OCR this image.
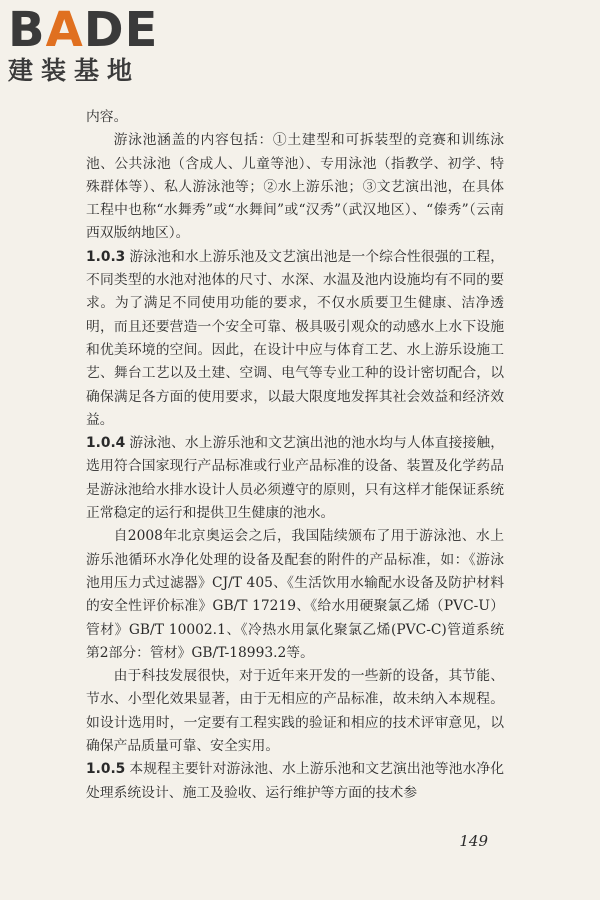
BADE
建装基地

内容。

游泳池涵盖的内容包括：①土建型和可拆装型的竞赛和训练泳池、公共泳池（含成人、儿童等池）、专用泳池（指教学、初学、特殊群体等）、私人游泳池等；②水上游乐池；③文艺演出池，在具体工程中也称“水舞秀”或“水舞间”或“汉秀”（武汉地区）、“傣秀”（云南西双版纳地区）。

1.0.3 游泳池和水上游乐池及文艺演出池是一个综合性很强的工程，不同类型的水池对池体的尺寸、水深、水温及池内设施均有不同的要求。为了满足不同使用功能的要求，不仅水质要卫生健康、洁净透明，而且还要营造一个安全可靠、极具吸引观众的动感水上水下设施和优美环境的空间。因此，在设计中应与体育工艺、水上游乐设施工艺、舞台工艺以及土建、空调、电气等专业工种的设计密切配合，以确保满足各方面的使用要求，以最大限度地发挥其社会效益和经济效益。

1.0.4 游泳池、水上游乐池和文艺演出池的池水均与人体直接接触，选用符合国家现行产品标准或行业产品标准的设备、装置及化学药品是游泳池给水排水设计人员必须遵守的原则，只有这样才能保证系统正常稳定的运行和提供卫生健康的池水。

自2008年北京奥运会之后，我国陆续颁布了用于游泳池、水上游乐池循环水净化处理的设备及配套的附件的产品标准，如：《游泳池用压力式过滤器》CJ/T 405、《生活饮用水输配水设备及防护材料的安全性评价标准》GB/T 17219、《给水用硬聚氯乙烯（PVC-U）管材》GB/T 10002.1、《冷热水用氯化聚氯乙烯(PVC-C)管道系统　第2部分：管材》GB/T-18993.2等。

由于科技发展很快，对于近年来开发的一些新的设备，其节能、节水、小型化效果显著，由于无相应的产品标准，故未纳入本规程。如设计选用时，一定要有工程实践的验证和相应的技术评审意见，以确保产品质量可靠、安全实用。

1.0.5 本规程主要针对游泳池、水上游乐池和文艺演出池等池水净化处理系统设计、施工及验收、运行维护等方面的技术参

149
